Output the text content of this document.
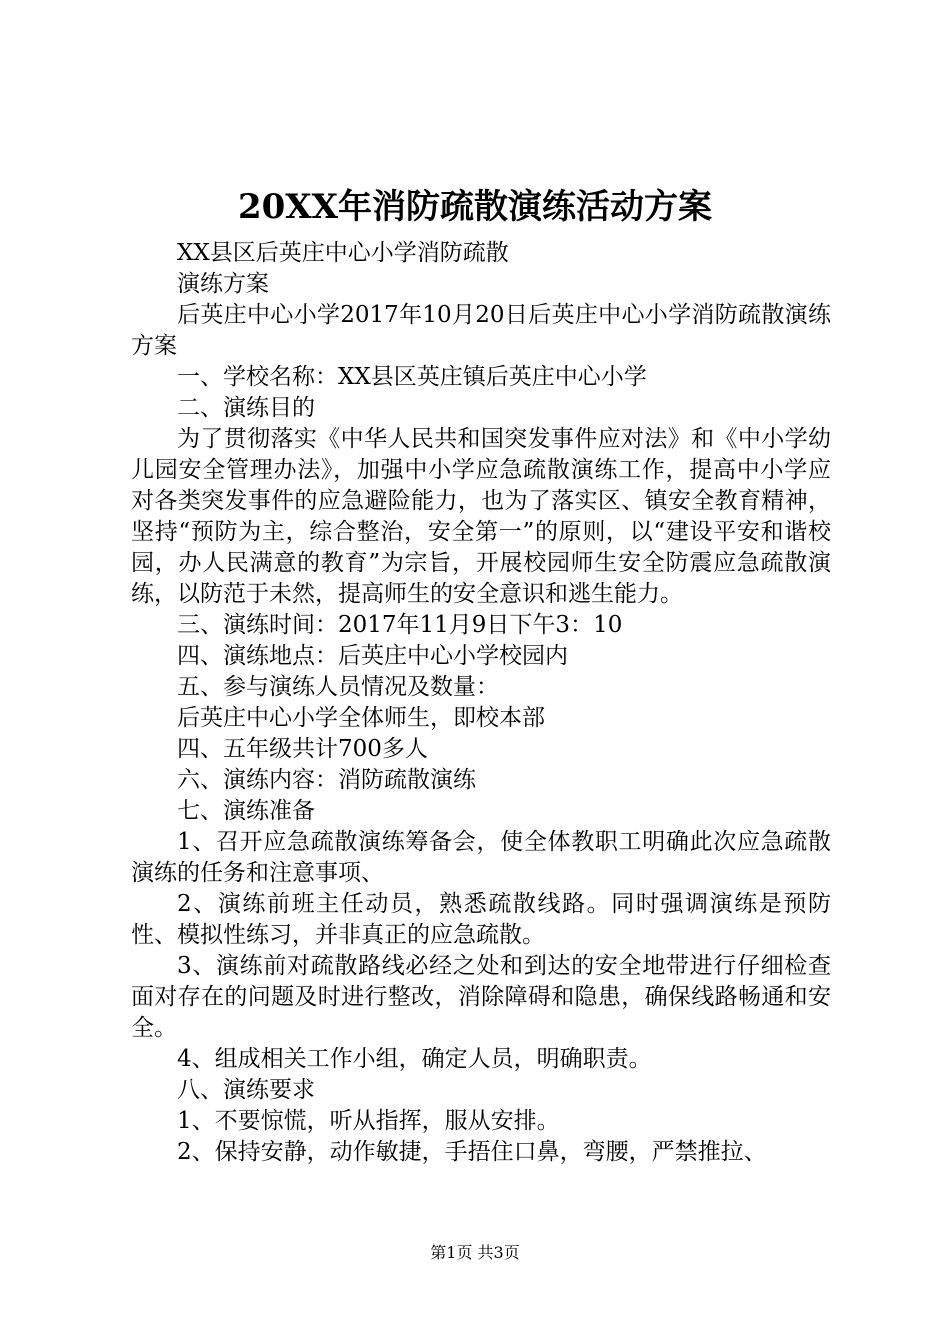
20XX年消防疏散演练活动方案

XX县区后英庄中心小学消防疏散

演练方案

后英庄中心小学2017年10月20日后英庄中心小学消防疏散演练方案

一、学校名称：XX县区英庄镇后英庄中心小学

二、演练目的

为了贯彻落实《中华人民共和国突发事件应对法》和《中小学幼儿园安全管理办法》，加强中小学应急疏散演练工作，提高中小学应对各类突发事件的应急避险能力，也为了落实区、镇安全教育精神，坚持“预防为主，综合整治，安全第一”的原则，以“建设平安和谐校园，办人民满意的教育”为宗旨，开展校园师生安全防震应急疏散演练，以防范于未然，提高师生的安全意识和逃生能力。

三、演练时间：2017年11月9日下午3：10

四、演练地点：后英庄中心小学校园内

五、参与演练人员情况及数量：

后英庄中心小学全体师生，即校本部

四、五年级共计700多人

六、演练内容：消防疏散演练

七、演练准备

1、召开应急疏散演练筹备会，使全体教职工明确此次应急疏散演练的任务和注意事项、

2、演练前班主任动员，熟悉疏散线路。同时强调演练是预防性、模拟性练习，并非真正的应急疏散。

3、演练前对疏散路线必经之处和到达的安全地带进行仔细检查面对存在的问题及时进行整改，消除障碍和隐患，确保线路畅通和安全。

4、组成相关工作小组，确定人员，明确职责。

八、演练要求

1、不要惊慌，听从指挥，服从安排。

2、保持安静，动作敏捷，手捂住口鼻，弯腰，严禁推拉、

第1页 共3页
